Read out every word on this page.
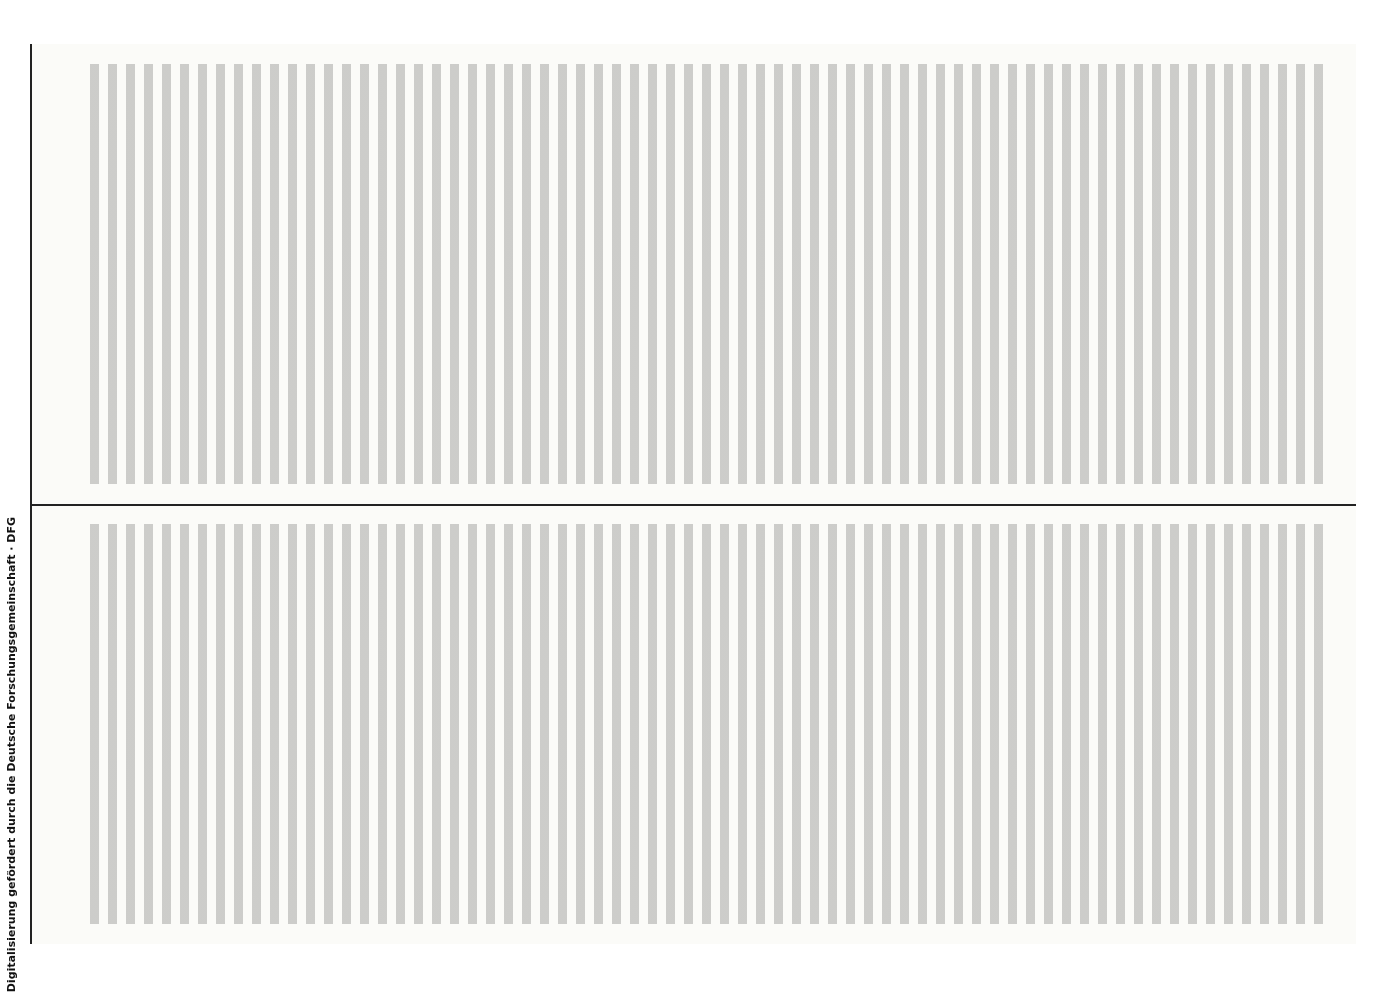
Digitalisierung gefördert durch die Deutsche Forschungsgemeinschaft · DFG
